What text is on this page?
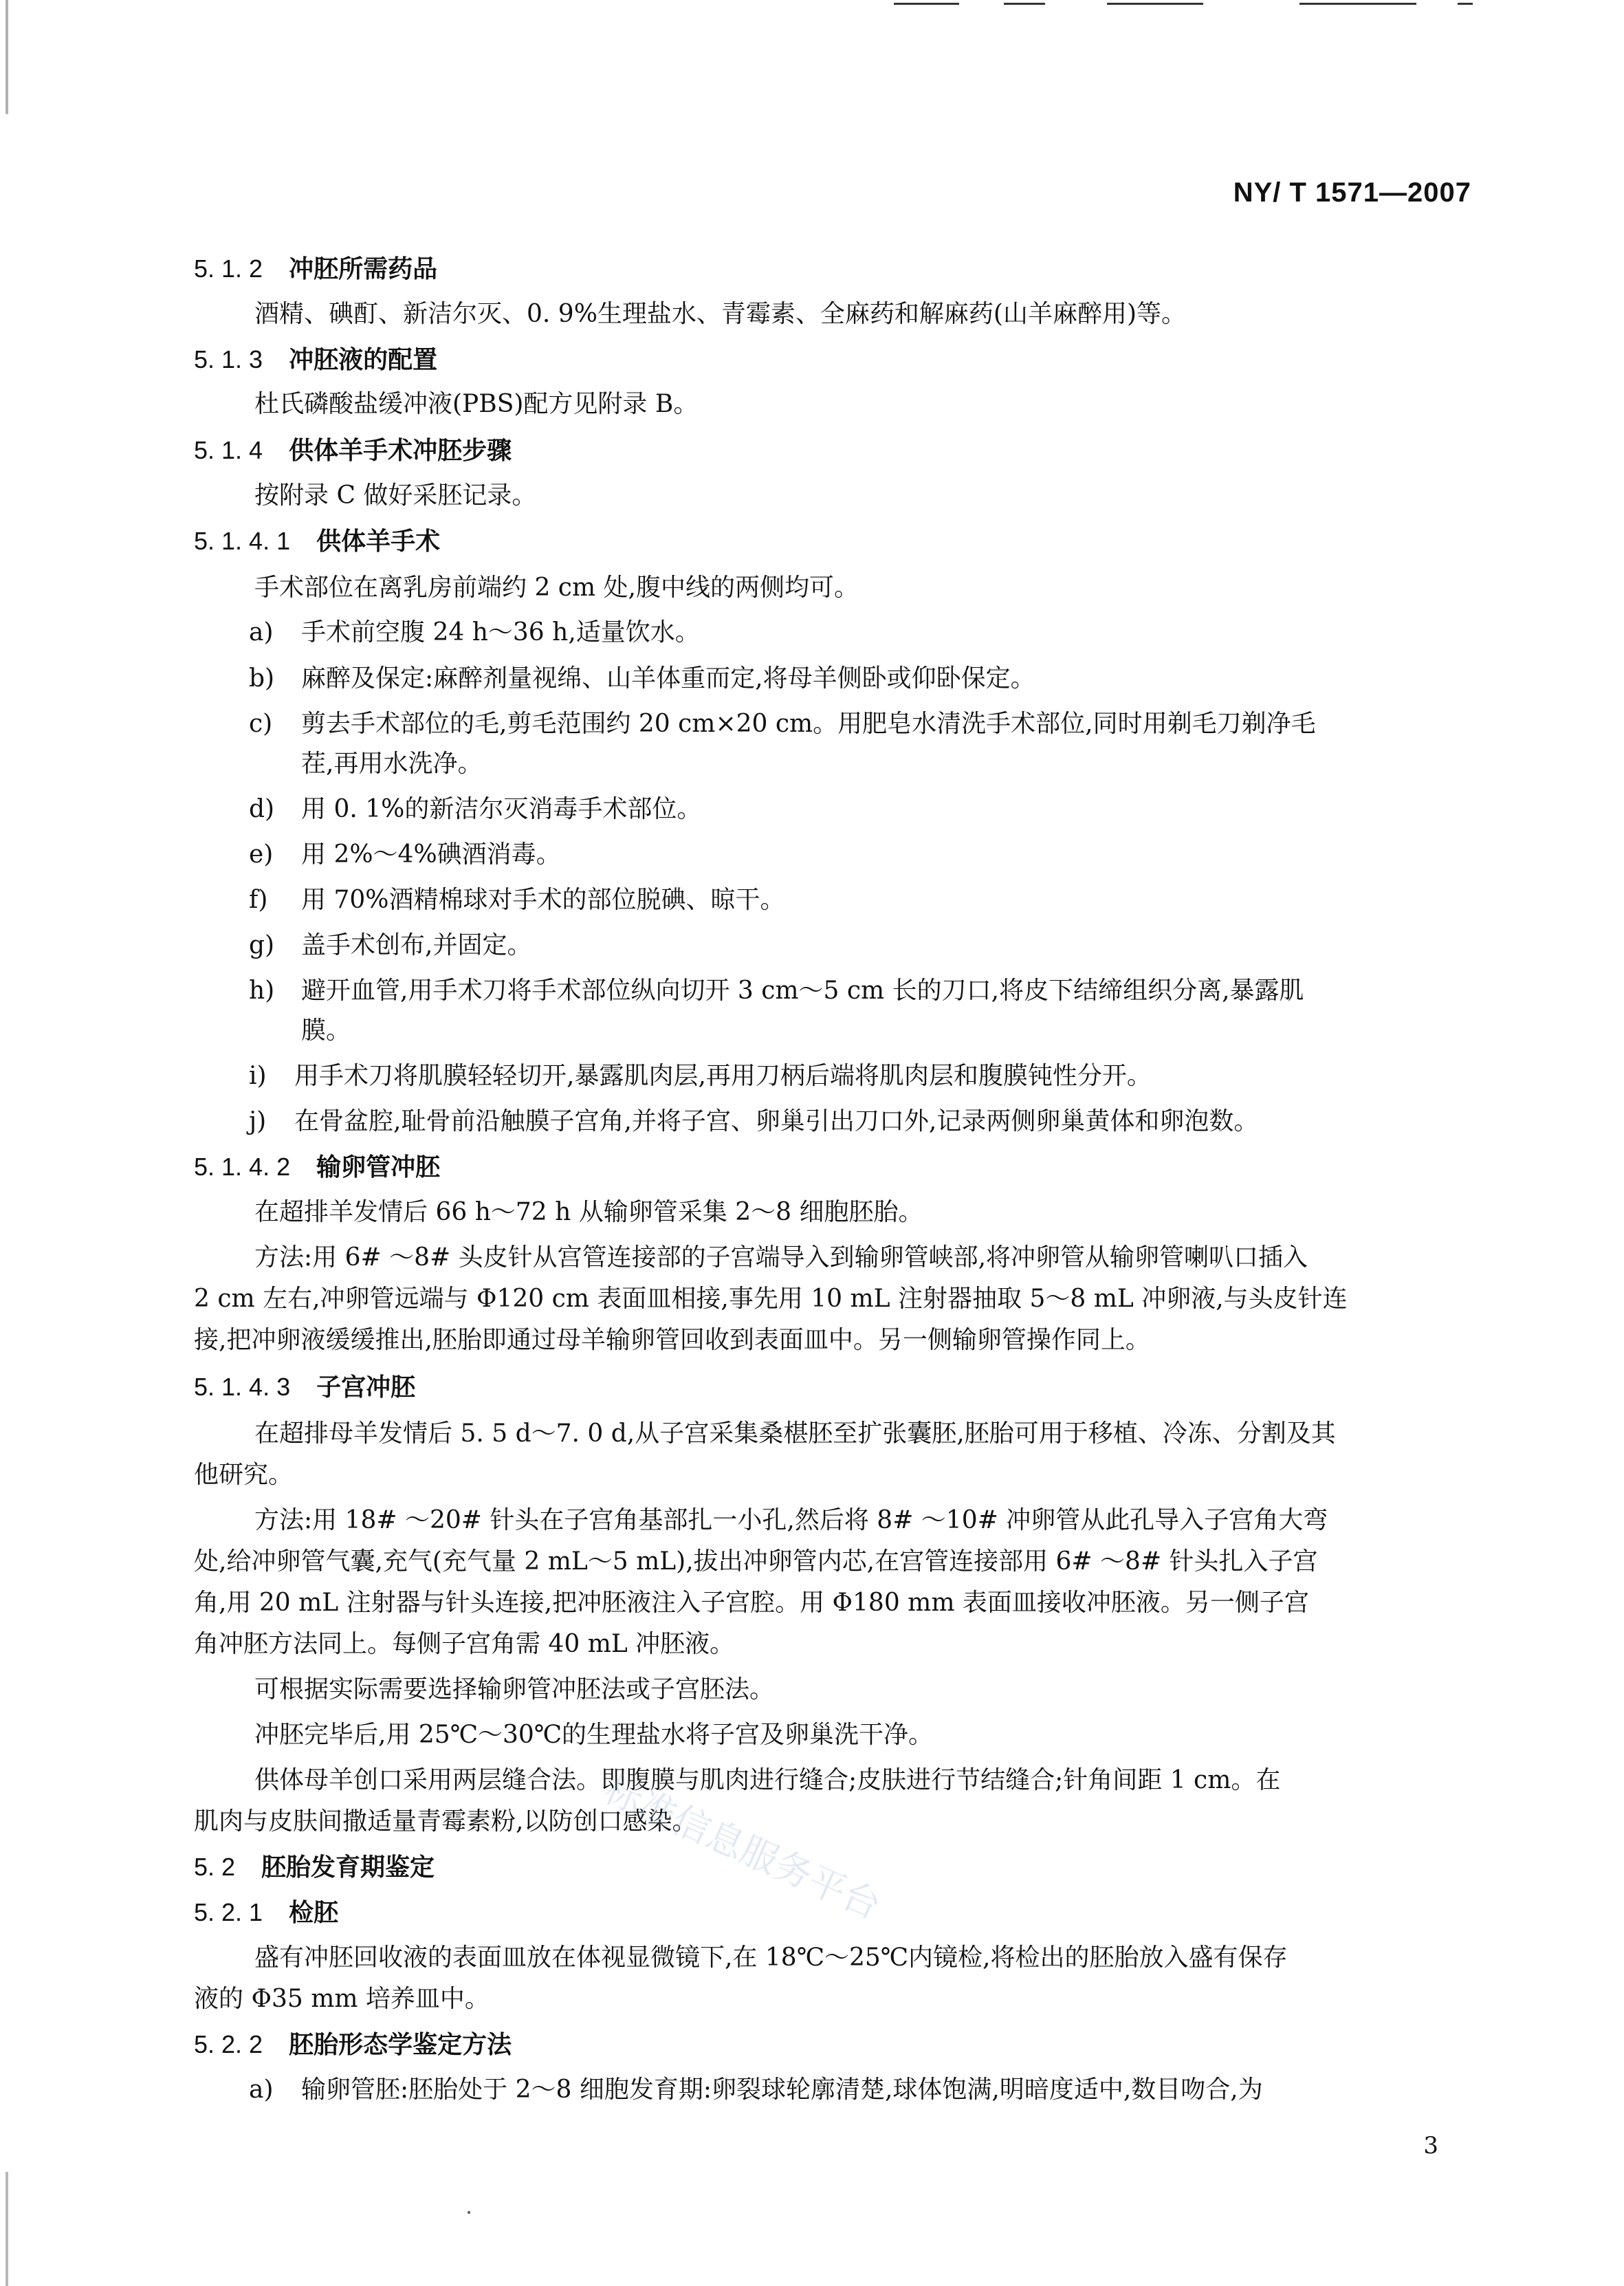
NY/ T 1571—2007
5. 1. 2 冲胚所需药品
酒精、碘酊、新洁尔灭、0. 9%生理盐水、青霉素、全麻药和解麻药(山羊麻醉用)等。
5. 1. 3 冲胚液的配置
杜氏磷酸盐缓冲液(PBS)配方见附录 B。
5. 1. 4 供体羊手术冲胚步骤
按附录 C 做好采胚记录。
5. 1. 4. 1 供体羊手术
手术部位在离乳房前端约 2 cm 处,腹中线的两侧均可。
a) 手术前空腹 24 h～36 h,适量饮水。
b) 麻醉及保定:麻醉剂量视绵、山羊体重而定,将母羊侧卧或仰卧保定。
c) 剪去手术部位的毛,剪毛范围约 20 cm×20 cm。用肥皂水清洗手术部位,同时用剃毛刀剃净毛
茬,再用水洗净。
d) 用 0. 1%的新洁尔灭消毒手术部位。
e) 用 2%～4%碘酒消毒。
f) 用 70%酒精棉球对手术的部位脱碘、晾干。
g) 盖手术创布,并固定。
h) 避开血管,用手术刀将手术部位纵向切开 3 cm～5 cm 长的刀口,将皮下结缔组织分离,暴露肌
膜。
i) 用手术刀将肌膜轻轻切开,暴露肌肉层,再用刀柄后端将肌肉层和腹膜钝性分开。
j) 在骨盆腔,耻骨前沿触膜子宫角,并将子宫、卵巢引出刀口外,记录两侧卵巢黄体和卵泡数。
5. 1. 4. 2 输卵管冲胚
在超排羊发情后 66 h～72 h 从输卵管采集 2～8 细胞胚胎。
方法:用 6# ～8# 头皮针从宫管连接部的子宫端导入到输卵管峡部,将冲卵管从输卵管喇叭口插入
2 cm 左右,冲卵管远端与 Φ120 cm 表面皿相接,事先用 10 mL 注射器抽取 5～8 mL 冲卵液,与头皮针连
接,把冲卵液缓缓推出,胚胎即通过母羊输卵管回收到表面皿中。另一侧输卵管操作同上。
5. 1. 4. 3 子宫冲胚
在超排母羊发情后 5. 5 d～7. 0 d,从子宫采集桑椹胚至扩张囊胚,胚胎可用于移植、冷冻、分割及其
他研究。
方法:用 18# ～20# 针头在子宫角基部扎一小孔,然后将 8# ～10# 冲卵管从此孔导入子宫角大弯
处,给冲卵管气囊,充气(充气量 2 mL～5 mL),拔出冲卵管内芯,在宫管连接部用 6# ～8# 针头扎入子宫
角,用 20 mL 注射器与针头连接,把冲胚液注入子宫腔。用 Φ180 mm 表面皿接收冲胚液。另一侧子宫
角冲胚方法同上。每侧子宫角需 40 mL 冲胚液。
可根据实际需要选择输卵管冲胚法或子宫胚法。
冲胚完毕后,用 25℃～30℃的生理盐水将子宫及卵巢洗干净。
供体母羊创口采用两层缝合法。即腹膜与肌肉进行缝合;皮肤进行节结缝合;针角间距 1 cm。在
肌肉与皮肤间撒适量青霉素粉,以防创口感染。
5. 2 胚胎发育期鉴定
5. 2. 1 检胚
盛有冲胚回收液的表面皿放在体视显微镜下,在 18℃～25℃内镜检,将检出的胚胎放入盛有保存
液的 Φ35 mm 培养皿中。
5. 2. 2 胚胎形态学鉴定方法
a) 输卵管胚:胚胎处于 2～8 细胞发育期:卵裂球轮廓清楚,球体饱满,明暗度适中,数目吻合,为
3
标准信息服务平台
